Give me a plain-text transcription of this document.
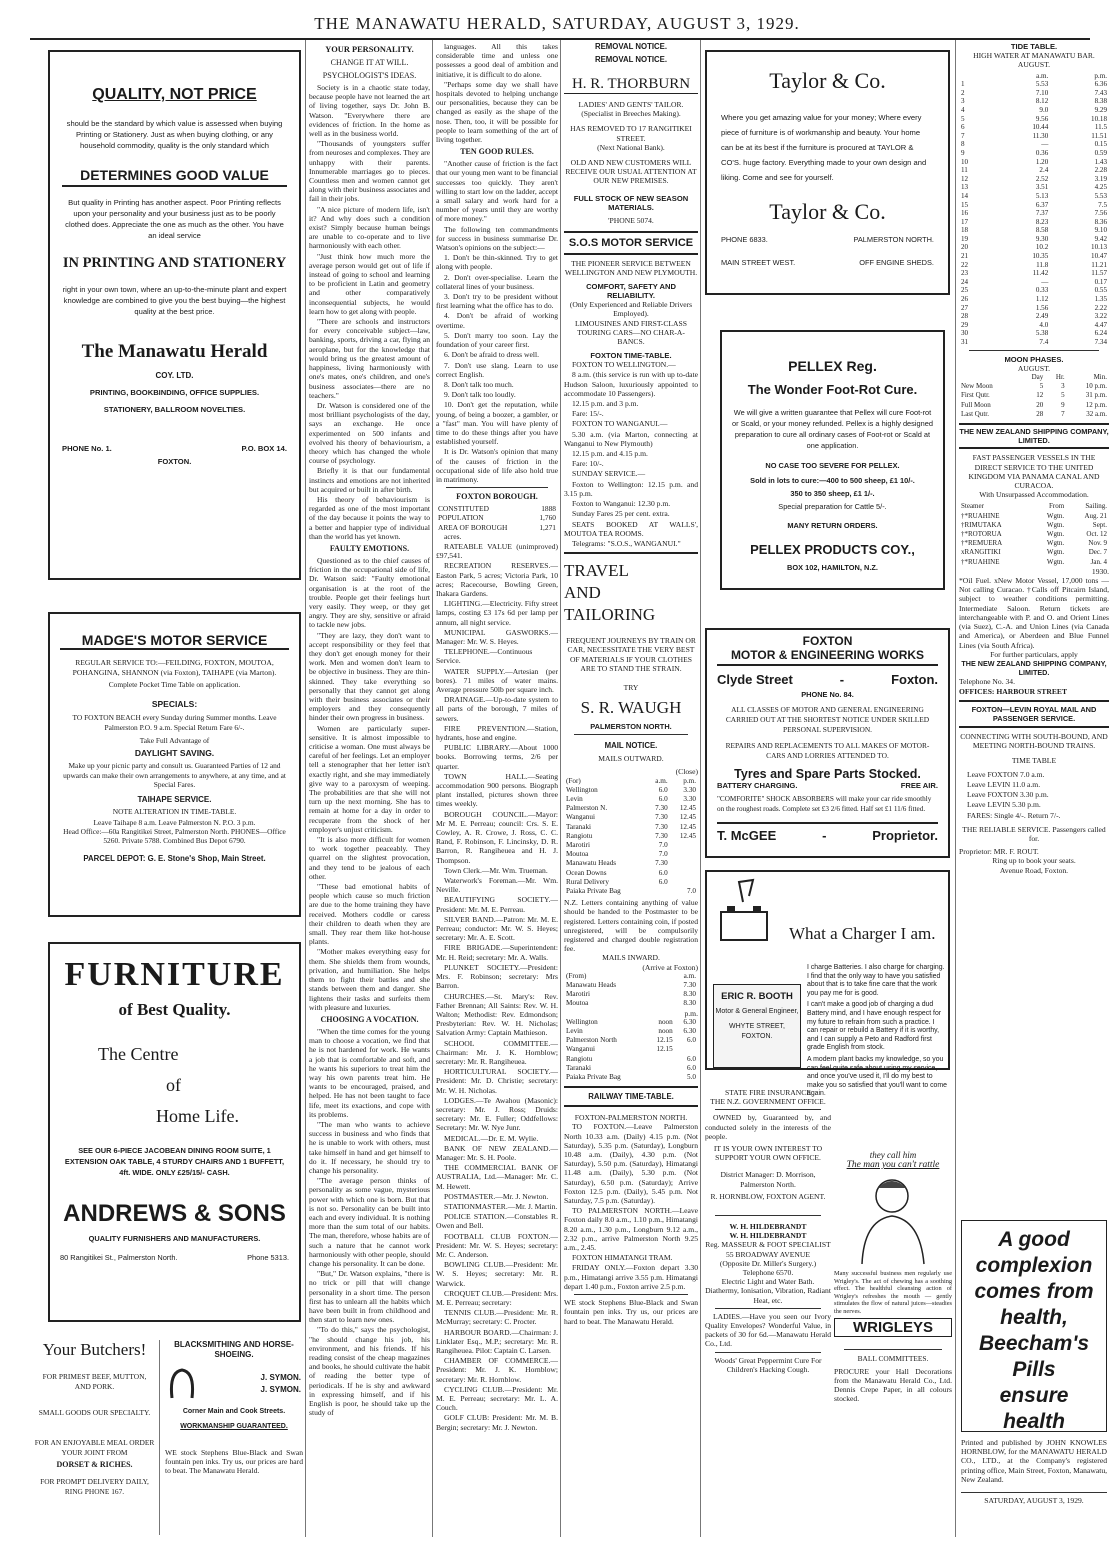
THE MANAWATU HERALD, SATURDAY, AUGUST 3, 1929.
QUALITY, NOT PRICE
should be the standard by which value is assessed when buying Printing or Stationery. Just as when buying clothing, or any household commodity, quality is the only standard which
DETERMINES GOOD VALUE
But quality in Printing has another aspect. Poor Printing reflects upon your personality and your business just as to be poorly clothed does. Appreciate the one as much as the other. You have an ideal service
IN PRINTING AND STATIONERY
right in your own town, where an up-to-the-minute plant and expert knowledge are combined to give you the best buying—the highest quality at the best price.
The Manawatu Herald
COY. LTD.
PRINTING, BOOKBINDING, OFFICE SUPPLIES.
STATIONERY, BALLROOM NOVELTIES.
PHONE No. 1.	P.O. BOX 14.
FOXTON.
MADGE'S MOTOR SERVICE
REGULAR SERVICE TO:—FEILDING, FOXTON, MOUTOA, POHANGINA, SHANNON (via Foxton), TAIHAPE (via Marton).
Complete Pocket Time Table on application.
SPECIALS:
TO FOXTON BEACH every Sunday during Summer months. Leave Palmerston P.O. 9 a.m. Special Return Fare 6/-.
Take Full Advantage of
DAYLIGHT SAVING.
Make up your picnic party and consult us. Guaranteed Parties of 12 and upwards can make their own arrangements to anywhere, at any time, and at Special Fares.
TAIHAPE SERVICE.
NOTE ALTERATION IN TIME-TABLE.
Leave Taihape 8 a.m. Leave Palmerston N. P.O. 3 p.m.
Head Office:—60a Rangitikei Street, Palmerston North. PHONES—Office 5260. Private 5788. Combined Bus Depot 6790.
PARCEL DEPOT: G. E. Stone's Shop, Main Street.
FURNITURE
of Best Quality.
The Centre
of
Home Life.
SEE OUR 6-PIECE JACOBEAN DINING ROOM SUITE, 1 EXTENSION OAK TABLE, 4 STURDY CHAIRS AND 1 BUFFETT, 4ft. WIDE. ONLY £25/15/- CASH.
ANDREWS & SONS
QUALITY FURNISHERS AND MANUFACTURERS.
80 Rangitikei St., Palmerston North.	Phone 5313.
Your Butchers!
FOR PRIMEST BEEF, MUTTON, AND PORK.
SMALL GOODS OUR SPECIALTY.
FOR AN ENJOYABLE MEAL ORDER YOUR JOINT FROM
DORSET & RICHES.
FOR PROMPT DELIVERY DAILY, RING PHONE 167.
BLACKSMITHING AND HORSE-SHOEING.
J. SYMON.
J. SYMON.
Corner Main and Cook Streets.
WORKMANSHIP GUARANTEED.

WE stock Stephens Blue-Black and Swan fountain pen inks. Try us, our prices are hard to beat. The Manawatu Herald.

YOUR PERSONALITY.
CHANGE IT AT WILL.
PSYCHOLOGIST'S IDEAS.

Society is in a chaotic state today, because people have not learned the art of living together, says Dr. John B. Watson. "Everywhere there are evidences of friction. In the home as well as in the business world.

"Thousands of youngsters suffer from neuroses and complexes. They are unhappy with their parents. Innumerable marriages go to pieces. Countless men and women cannot get along with their business associates and fail in their jobs.

"A nice picture of modern life, isn't it? And why does such a condition exist? Simply because human beings are unable to co-operate and to live harmoniously with each other.

"Just think how much more the average person would get out of life if instead of going to school and learning to be proficient in Latin and geometry and other comparatively inconsequential subjects, he would learn how to get along with people.

"There are schools and instructors for every conceivable subject—law, banking, sports, driving a car, flying an aeroplane, but for the knowledge that would bring us the greatest amount of happiness, living harmoniously with one's mates, one's children, and one's business associates—there are no teachers."

Dr. Watson is considered one of the most brilliant psychologists of the day, says an exchange. He once experimented on 500 infants and evolved his theory of behaviourism, a theory which has changed the whole course of psychology.

Briefly it is that our fundamental instincts and emotions are not inherited but acquired or built in after birth.

His theory of behaviourism is regarded as one of the most important of the day because it points the way to a better and happier type of individual than the world has yet known.

FAULTY EMOTIONS.

Questioned as to the chief causes of friction in the occupational side of life, Dr. Watson said: "Faulty emotional organisation is at the root of the trouble. People get their feelings hurt very easily. They weep, or they get angry. They are shy, sensitive or afraid to tackle new jobs.

"They are lazy, they don't want to accept responsibility or they feel that they don't get enough money for their work. Men and women don't learn to be objective in business. They are thin-skinned. They take everything so personally that they cannot get along with their business associates or their employers and they consequently hinder their own progress in business.

Women are particularly super-sensitive. It is almost impossible to criticise a woman. One must always be careful of her feelings. Let an employer tell a stenographer that her letter isn't exactly right, and she may immediately give way to a paroxysm of weeping. The probabilities are that she will not turn up the next morning. She has to remain at home for a day in order to recuperate from the shock of her employer's unjust criticism.

"It is also more difficult for women to work together peaceably. They quarrel on the slightest provocation, and they tend to be jealous of each other.

"These bad emotional habits of people which cause so much friction are due to the home training they have received. Mothers coddle or caress their children to death when they are small. They rear them like hot-house plants.

"Mother makes everything easy for them. She shields them from wounds, privation, and humiliation. She helps them to fight their battles and she stands between them and danger. She lightens their tasks and surfeits them with pleasure and luxuries.

CHOOSING A VOCATION.

"When the time comes for the young man to choose a vocation, we find that he is not hardened for work. He wants a job that is comfortable and soft, and he wants his superiors to treat him the way his own parents treat him. He wants to be encouraged, praised, and helped. He has not been taught to face life, meet its exactions, and cope with its problems.

"The man who wants to achieve success in business and who finds that he is unable to work with others, must take himself in hand and get himself to do it. If necessary, he should try to change his personality.

"The average person thinks of personality as some vague, mysterious power with which one is born. But that is not so. Personality can be built into each and every individual. It is nothing more than the sum total of our habits. The man, therefore, whose habits are of such a nature that he cannot work harmoniously with other people, should change his personality. It can be done.

"But," Dr. Watson explains, "there is no trick or pill that will change personality in a short time. The person first has to unlearn all the habits which have been built in from childhood and then start to learn new ones.

"To do this," says the psychologist, "he should change his job, his environment, and his friends. If his reading consist of the cheap magazines and books, he should cultivate the habit of reading the better type of periodicals. If he is shy and awkward in expressing himself, and if his English is poor, he should take up the study of

languages. All this takes considerable time and unless one possesses a good deal of ambition and initiative, it is difficult to do alone.

"Perhaps some day we shall have hospitals devoted to helping unchange our personalities, because they can be changed as easily as the shape of the nose. Then, too, it will be possible for people to learn something of the art of living together.

TEN GOOD RULES.

"Another cause of friction is the fact that our young men want to be financial successes too quickly. They aren't willing to start low on the ladder, accept a small salary and work hard for a number of years until they are worthy of more money."

The following ten commandments for success in business summarise Dr. Watson's opinions on the subject:—

1. Don't be thin-skinned. Try to get along with people.

2. Don't over-specialise. Learn the collateral lines of your business.

3. Don't try to be president without first learning what the office has to do.

4. Don't be afraid of working overtime.

5. Don't marry too soon. Lay the foundation of your career first.

6. Don't be afraid to dress well.

7. Don't use slang. Learn to use correct English.

8. Don't talk too much.

9. Don't talk too loudly.

10. Don't get the reputation, while young, of being a boozer, a gambler, or a "fast" man. You will have plenty of time to do these things after you have established yourself.

It is Dr. Watson's opinion that many of the causes of friction in the occupational side of life also hold true in matrimony.

FOXTON BOROUGH.
CONSTITUTED	1888
POPULATION	1,760
AREA OF BOROUGH	1,271

acres.

RATEABLE VALUE (unimproved) £97,541.

RECREATION RESERVES.—Easton Park, 5 acres; Victoria Park, 10 acres; Racecourse, Bowling Green, Ihakara Gardens.

LIGHTING.—Electricity. Fifty street lamps, costing £3 17s 6d per lamp per annum, all night service.

MUNICIPAL GASWORKS.—Manager: Mr. W. S. Heyes.

TELEPHONE.—Continuous Service.

WATER SUPPLY.—Artesian (per bores). 71 miles of water mains. Average pressure 50lb per square inch.

DRAINAGE.—Up-to-date system to all parts of the borough, 7 miles of sewers.

FIRE PREVENTION.—Station, hydrants, hose and engine.

PUBLIC LIBRARY.—About 1000 books. Borrowing terms, 2/6 per quarter.

TOWN HALL.—Seating accommodation 900 persons. Biograph plant installed, pictures shown three times weekly.

BOROUGH COUNCIL.—Mayor: Mr M. E. Perreau; council: Crs. S. E. Cowley, A. R. Crowe, J. Ross, C. C. Rand, F. Robinson, F. Lincinsky, D. R. Barron, R. Rangiheuea and H. J. Thompson.

Town Clerk.—Mr. Wm. Trueman.

Waterwork's Foreman.—Mr. Wm. Neville.

BEAUTIFYING SOCIETY.—President: Mr. M. E. Perreau.

SILVER BAND.—Patron: Mr. M. E. Perreau; conductor: Mr. W. S. Heyes; secretary: Mr. A. E. Scott.

FIRE BRIGADE.—Superintendent: Mr. H. Reid; secretary: Mr. A. Walls.

PLUNKET SOCIETY.—President: Mrs. F. Robinson; secretary: Mrs Barron.

CHURCHES.—St. Mary's: Rev. Father Brennan; All Saints: Rev. W. H. Walton; Methodist: Rev. Edmondson; Presbyterian: Rev. W. H. Nicholas; Salvation Army: Captain Mathieson.

SCHOOL COMMITTEE.—Chairman: Mr. J. K. Hornblow; secretary: Mr. R. Rangiheuea.

HORTICULTURAL SOCIETY.—President: Mr. D. Christie; secretary: Mr. W. H. Nicholas.

LODGES.—Te Awahou (Masonic): secretary: Mr. J. Ross; Druids: secretary: Mr. E. Fuller; Oddfellows: Secretary: Mr. W. Nye Junr.

MEDICAL.—Dr. E. M. Wylie.

BANK OF NEW ZEALAND.—Manager: Mr. S. H. Poole.

THE COMMERCIAL BANK OF AUSTRALIA, Ltd.—Manager: Mr. C. M. Hewett.

POSTMASTER.—Mr. J. Newton.

STATIONMASTER.—Mr. J. Martin.

POLICE STATION.—Constables R. Owen and Bell.

FOOTBALL CLUB FOXTON.—President: Mr. W. S. Heyes; secretary: Mr. C. Anderson.

BOWLING CLUB.—President: Mr. W. S. Heyes; secretary: Mr. R. Warwick.

CROQUET CLUB.—President: Mrs. M. E. Perreau; secretary:

TENNIS CLUB.—President: Mr. R. McMurray; secretary: C. Procter.

HARBOUR BOARD.—Chairman: J. Linklater Esq., M.P.; secretary: Mr. R. Rangiheuea. Pilot: Captain C. Larsen.

CHAMBER OF COMMERCE.—President: Mr. J. K. Hornblow; secretary: Mr. R. Hornblow.

CYCLING CLUB.—President: Mr. M. E. Perreau; secretary: Mr. L. A. Couch.

GOLF CLUB: President: Mr. M. B. Bergin; secretary: Mr. J. Newton.

REMOVAL NOTICE.
REMOVAL NOTICE.
H. R. THORBURN
LADIES' AND GENTS' TAILOR. (Specialist in Breeches Making).
HAS REMOVED TO 17 RANGITIKEI STREET.
(Next National Bank).
OLD AND NEW CUSTOMERS WILL RECEIVE OUR USUAL ATTENTION AT OUR NEW PREMISES.
FULL STOCK OF NEW SEASON MATERIALS.
'PHONE 5074.
S.O.S MOTOR SERVICE
THE PIONEER SERVICE BETWEEN WELLINGTON AND NEW PLYMOUTH.
COMFORT, SAFETY AND RELIABILITY.
(Only Experienced and Reliable Drivers Employed).
LIMOUSINES AND FIRST-CLASS TOURING CARS—NO CHAR-A-BANCS.
FOXTON TIME-TABLE.

FOXTON TO WELLINGTON.—

8 a.m. (this service is run with up to-date Hudson Saloon, luxuriously appointed to accommodate 10 Passengers).

12.15 p.m. and 3 p.m.

Fare: 15/-.

FOXTON TO WANGANUI.—

5.30 a.m. (via Marton, connecting at Wanganui to New Plymouth)

12.15 p.m. and 4.15 p.m.

Fare: 10/-.

SUNDAY SERVICE.—

Foxton to Wellington: 12.15 p.m. and 3.15 p.m.

Foxton to Wanganui: 12.30 p.m.

Sunday Fares 25 per cent. extra.

SEATS BOOKED AT WALLS', MOUTOA TEA ROOMS.

Telegrams: "S.O.S., WANGANUI."

TRAVEL
AND
TAILORING
FREQUENT JOURNEYS BY TRAIN OR CAR, NECESSITATE THE VERY BEST OF MATERIALS IF YOUR CLOTHES ARE TO STAND THE STRAIN.
TRY
S. R. WAUGH
PALMERSTON NORTH.
MAIL NOTICE.
MAILS OUTWARD.
(Close)
(For)	a.m.	p.m.
Wellington	6.0	3.30
Levin	6.0	3.30
Palmerston N.	7.30	12.45
Wanganui	7.30	12.45
Taranaki	7.30	12.45
Rangiotu	7.30	12.45
Marotiri	7.0	
Moutoa	7.0	
Manawatu Heads	7.30	
Ocean Downs	6.0	
Rural Delivery	6.0	
Paiaka Private Bag		7.0
N.Z. Letters containing anything of value should be handed to the Postmaster to be registered. Letters containing coin, if posted unregistered, will be compulsorily registered and charged double registration fee.
MAILS INWARD.
(Arrive at Foxton)
(From)	a.m.
Manawatu Heads	7.30
Marotiri	8.30
Moutoa	8.30
p.m.
Wellington	noon	6.30
Levin	noon	6.30
Palmerston North	12.15	6.0
Wanganui	12.15	
Rangiotu		6.0
Taranaki		6.0
Paiaka Private Bag		5.0
RAILWAY TIME-TABLE.
FOXTON-PALMERSTON NORTH.

TO FOXTON.—Leave Palmerston North 10.33 a.m. (Daily) 4.15 p.m. (Not Saturday), 5.35 p.m. (Saturday), Longburn 10.48 a.m. (Daily), 4.30 p.m. (Not Saturday), 5.50 p.m. (Saturday), Himatangi 11.48 a.m. (Daily), 5.30 p.m. (Not Saturday), 6.50 p.m. (Saturday); Arrive Foxton 12.5 p.m. (Daily), 5.45 p.m. Not Saturday, 7.5 p.m. (Saturday).

TO PALMERSTON NORTH.—Leave Foxton daily 8.0 a.m., 1.10 p.m., Himatangi 8.20 a.m., 1.30 p.m., Longburn 9.12 a.m., 2.32 p.m., arrive Palmerston North 9.25 a.m., 2.45.

FOXTON HIMATANGI TRAM.

FRIDAY ONLY.—Foxton depart 3.30 p.m., Himatangi arrive 3.55 p.m. Himatangi depart 1.40 p.m., Foxton arrive 2.5 p.m.

WE stock Stephens Blue-Black and Swan fountain pen inks. Try us, our prices are hard to beat. The Manawatu Herald.
Taylor & Co.
Where you get amazing value for your money; Where every piece of furniture is of workmanship and beauty. Your home can be at its best if the furniture is procured at TAYLOR & CO'S. huge factory. Everything made to your own design and liking. Come and see for yourself.
Taylor & Co.
PHONE 6833.	PALMERSTON NORTH.
MAIN STREET WEST.	OFF ENGINE SHEDS.
PELLEX Reg.
The Wonder Foot-Rot Cure.
We will give a written guarantee that Pellex will cure Foot-rot or Scald, or your money refunded. Pellex is a highly designed preparation to cure all ordinary cases of Foot-rot or Scald at one application.
NO CASE TOO SEVERE FOR PELLEX.
Sold in lots to cure:—400 to 500 sheep, £1 10/-.
350 to 350 sheep, £1 1/-.
Special preparation for Cattle 5/-.
MANY RETURN ORDERS.
PELLEX PRODUCTS COY.,
BOX 102, HAMILTON, N.Z.
FOXTON
MOTOR & ENGINEERING WORKS
Clyde Street	-	Foxton.
PHONE No. 84.
ALL CLASSES OF MOTOR AND GENERAL ENGINEERING CARRIED OUT AT THE SHORTEST NOTICE UNDER SKILLED PERSONAL SUPERVISION.
REPAIRS AND REPLACEMENTS TO ALL MAKES OF MOTOR-CARS AND LORRIES ATTENDED TO.
Tyres and Spare Parts Stocked.
BATTERY CHARGING.	FREE AIR.
"COMFORITE" SHOCK ABSORBERS will make your car ride smoothly on the roughest roads. Complete set £3 2/6 fitted. Half set £1 11/6 fitted.
T. McGEE	-	Proprietor.
What a Charger I am.
ERIC R. BOOTH
Motor & General Engineer,
WHYTE STREET,
FOXTON.
I charge Batteries. I also charge for charging. I find that the only way to have you satisfied about that is to take fine care that the work you pay me for is good.
I can't make a good job of charging a dud Battery mind, and I have enough respect for my future to refrain from such a practice. I can repair or rebuild a Battery if it is worthy, and I can supply a Peto and Radford first grade English from stock.
A modern plant backs my knowledge, so you can feel quite safe about using my service, and once you've used it, I'll do my best to make you so satisfied that you'll want to come again.
STATE FIRE INSURANCE
THE N.Z. GOVERNMENT OFFICE.

OWNED by, Guaranteed by, and conducted solely in the interests of the people.

IT IS YOUR OWN INTEREST TO SUPPORT YOUR OWN OFFICE.
District Manager: D. Morrison, Palmerston North.
R. HORNBLOW, FOXTON AGENT.
W. H. HILDEBRANDT
W. H. HILDEBRANDT
Reg. MASSEUR & FOOT SPECIALIST
55 BROADWAY AVENUE
(Opposite Dr. Miller's Surgery.)
Telephone 6570.
Electric Light and Water Bath. Diathermy, Ionisation, Vibration, Radiant Heat, etc.

LADIES.—Have you seen our Ivory Quality Envelopes? Wonderful Value, in packets of 30 for 6d.—Manawatu Herald Co., Ltd.

Woods' Great Peppermint Cure For Children's Hacking Cough.
they call him
The man you can't rattle
Many successful business men regularly use Wrigley's. The act of chewing has a soothing effect. The healthful cleansing action of Wrigley's refreshes the mouth — gently stimulates the flow of natural juices—steadies the nerves.
WRIGLEYS
BALL COMMITTEES.
PROCURE your Hall Decorations from the Manawatu Herald Co., Ltd. Dennis Crepe Paper, in all colours stocked.
TIDE TABLE.
HIGH WATER AT MANAWATU BAR.
AUGUST.
	a.m.	p.m.
1	5.53	6.36
2	7.10	7.43
3	8.12	8.38
4	9.0	9.29
5	9.56	10.18
6	10.44	11.5
7	11.30	11.51
8	—	0.15
9	0.36	0.59
10	1.20	1.43
11	2.4	2.28
12	2.52	3.19
13	3.51	4.25
14	5.13	5.53
15	6.37	7.5
16	7.37	7.56
17	8.23	8.36
18	8.58	9.10
19	9.30	9.42
20	10.2	10.13
21	10.35	10.47
22	11.8	11.21
23	11.42	11.57
24	—	0.17
25	0.33	0.55
26	1.12	1.35
27	1.56	2.22
28	2.49	3.22
29	4.0	4.47
30	5.38	6.24
31	7.4	7.34
MOON PHASES.
AUGUST.
	Day	Hr.	Min.
New Moon	5	3	10 p.m.
First Qutr.	12	5	31 p.m.
Full Moon	20	9	12 p.m.
Last Qutr.	28	7	32 a.m.
THE NEW ZEALAND SHIPPING COMPANY, LIMITED.
FAST PASSENGER VESSELS IN THE DIRECT SERVICE TO THE UNITED KINGDOM VIA PANAMA CANAL AND CURACOA.
With Unsurpassed Accommodation.
Steamer	From	Sailing.
†*RUAHINE	Wgtn.	Aug. 21
†RIMUTAKA	Wgtn.	Sept.
†*ROTORUA	Wgtn.	Oct. 12
†*REMUERA	Wgtn.	Nov. 9
xRANGITIKI	Wgtn.	Dec. 7
†*RUAHINE	Wgtn.	Jan. 4
1930.
*Oil Fuel. xNew Motor Vessel, 17,000 tons —Not calling Curacao. †Calls off Pitcairn Island, subject to weather conditions permitting. Intermediate Saloon. Return tickets are interchangeable with P. and O. and Orient Lines (via Suez), C.-A. and Union Lines (via Canada and America), or Aberdeen and Blue Funnel Lines (via South Africa).
For further particulars, apply
THE NEW ZEALAND SHIPPING COMPANY, LIMITED.
Telephone No. 34.
OFFICES: HARBOUR STREET
FOXTON—LEVIN ROYAL MAIL AND PASSENGER SERVICE.
CONNECTING WITH SOUTH-BOUND, AND MEETING NORTH-BOUND TRAINS.
TIME TABLE

Leave FOXTON 7.0 a.m.

Leave LEVIN 11.0 a.m.

Leave FOXTON 3.30 p.m.

Leave LEVIN 5.30 p.m.

FARES: Single 4/-. Return 7/-.

THE RELIABLE SERVICE. Passengers called for.
Proprietor: MR. F. ROUT.
Ring up to book your seats.
Avenue Road, Foxton.
A good
complexion
comes from
health,
Beecham's
Pills
ensure
health
Printed and published by JOHN KNOWLES HORNBLOW, for the MANAWATU HERALD CO., LTD., at the Company's registered printing office, Main Street, Foxton, Manawatu, New Zealand.
SATURDAY, AUGUST 3, 1929.
